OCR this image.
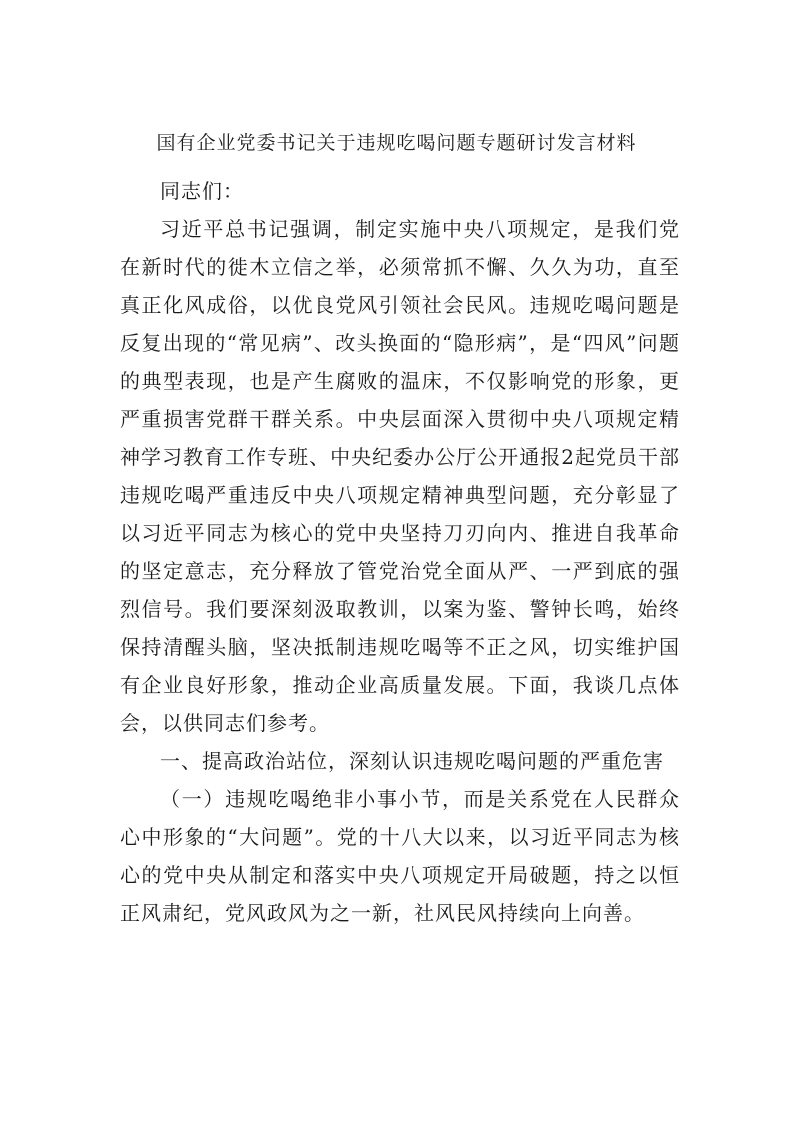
国有企业党委书记关于违规吃喝问题专题研讨发言材料

同志们：

习近平总书记强调，制定实施中央八项规定，是我们党在新时代的徙木立信之举，必须常抓不懈、久久为功，直至真正化风成俗，以优良党风引领社会民风。违规吃喝问题是反复出现的“常见病”、改头换面的“隐形病”，是“四风”问题的典型表现，也是产生腐败的温床，不仅影响党的形象，更严重损害党群干群关系。中央层面深入贯彻中央八项规定精神学习教育工作专班、中央纪委办公厅公开通报2起党员干部违规吃喝严重违反中央八项规定精神典型问题，充分彰显了以习近平同志为核心的党中央坚持刀刃向内、推进自我革命的坚定意志，充分释放了管党治党全面从严、一严到底的强烈信号。我们要深刻汲取教训，以案为鉴、警钟长鸣，始终保持清醒头脑，坚决抵制违规吃喝等不正之风，切实维护国有企业良好形象，推动企业高质量发展。下面，我谈几点体会，以供同志们参考。

一、提高政治站位，深刻认识违规吃喝问题的严重危害

（一）违规吃喝绝非小事小节，而是关系党在人民群众心中形象的“大问题”。党的十八大以来，以习近平同志为核心的党中央从制定和落实中央八项规定开局破题，持之以恒正风肃纪，党风政风为之一新，社风民风持续向上向善。
